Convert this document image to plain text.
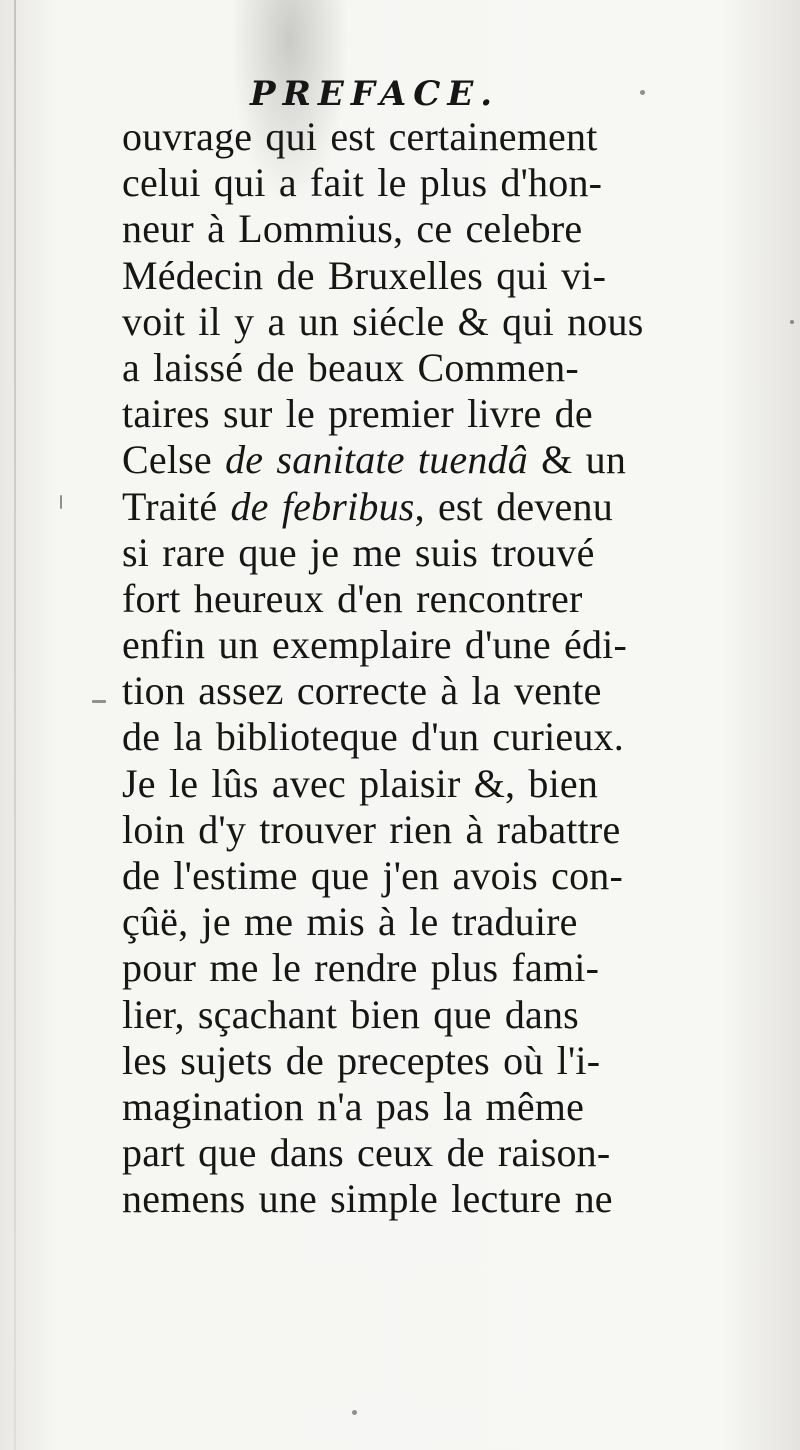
PREFACE.
ouvrage qui est certainement
celui qui a fait le plus d'hon-
neur à Lommius, ce celebre
Médecin de Bruxelles qui vi-
voit il y a un siécle & qui nous
a laissé de beaux Commen-
taires sur le premier livre de
Celse de sanitate tuendâ & un
Traité de febribus, est devenu
si rare que je me suis trouvé
fort heureux d'en rencontrer
enfin un exemplaire d'une édi-
tion assez correcte à la vente
de la biblioteque d'un curieux.
Je le lûs avec plaisir &, bien
loin d'y trouver rien à rabattre
de l'estime que j'en avois con-
çûë, je me mis à le traduire
pour me le rendre plus fami-
lier, sçachant bien que dans
les sujets de preceptes où l'i-
magination n'a pas la même
part que dans ceux de raison-
nemens une simple lecture ne
